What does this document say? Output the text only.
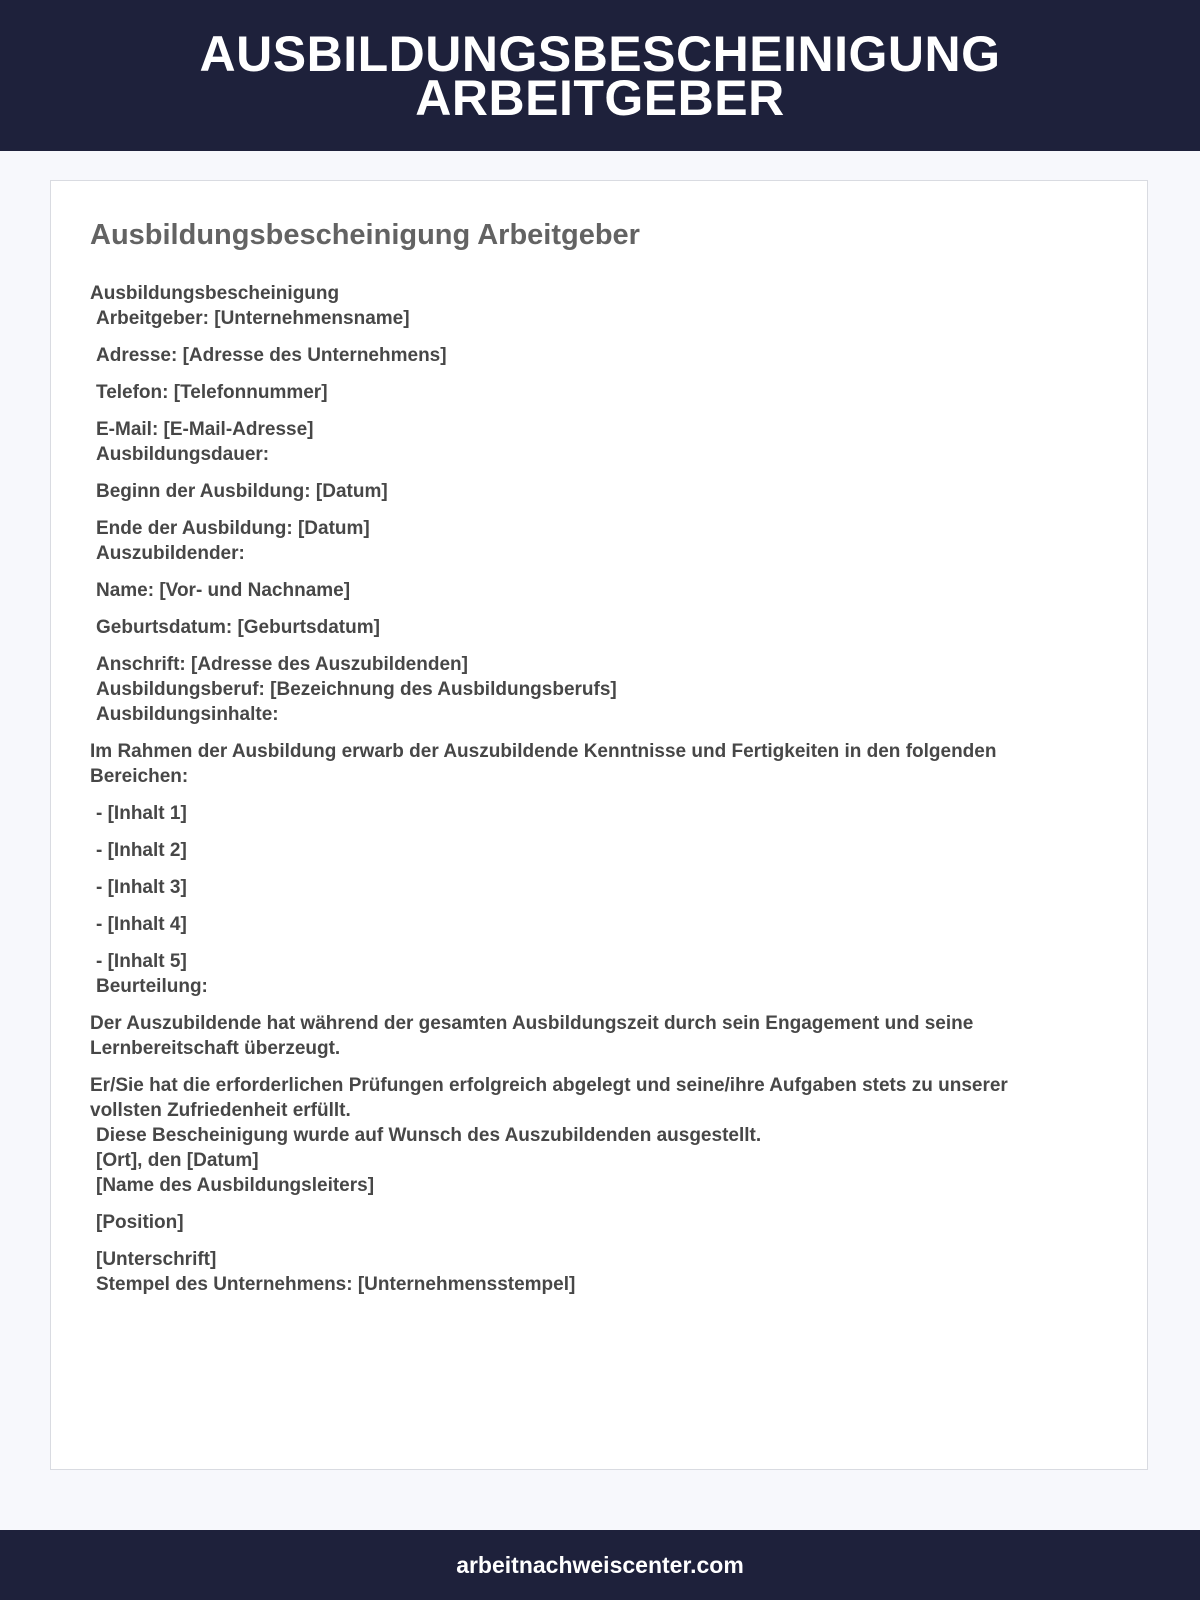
AUSBILDUNGSBESCHEINIGUNG
ARBEITGEBER
Ausbildungsbescheinigung Arbeitgeber
Ausbildungsbescheinigung
Arbeitgeber: [Unternehmensname]
Adresse: [Adresse des Unternehmens]
Telefon: [Telefonnummer]
E-Mail: [E-Mail-Adresse]
Ausbildungsdauer:
Beginn der Ausbildung: [Datum]
Ende der Ausbildung: [Datum]
Auszubildender:
Name: [Vor- und Nachname]
Geburtsdatum: [Geburtsdatum]
Anschrift: [Adresse des Auszubildenden]
Ausbildungsberuf: [Bezeichnung des Ausbildungsberufs]
Ausbildungsinhalte:
Im Rahmen der Ausbildung erwarb der Auszubildende Kenntnisse und Fertigkeiten in den folgenden
Bereichen:
- [Inhalt 1]
- [Inhalt 2]
- [Inhalt 3]
- [Inhalt 4]
- [Inhalt 5]
Beurteilung:
Der Auszubildende hat während der gesamten Ausbildungszeit durch sein Engagement und seine
Lernbereitschaft überzeugt.
Er/Sie hat die erforderlichen Prüfungen erfolgreich abgelegt und seine/ihre Aufgaben stets zu unserer
vollsten Zufriedenheit erfüllt.
Diese Bescheinigung wurde auf Wunsch des Auszubildenden ausgestellt.
[Ort], den [Datum]
[Name des Ausbildungsleiters]
[Position]
[Unterschrift]
Stempel des Unternehmens: [Unternehmensstempel]
arbeitnachweiscenter.com
